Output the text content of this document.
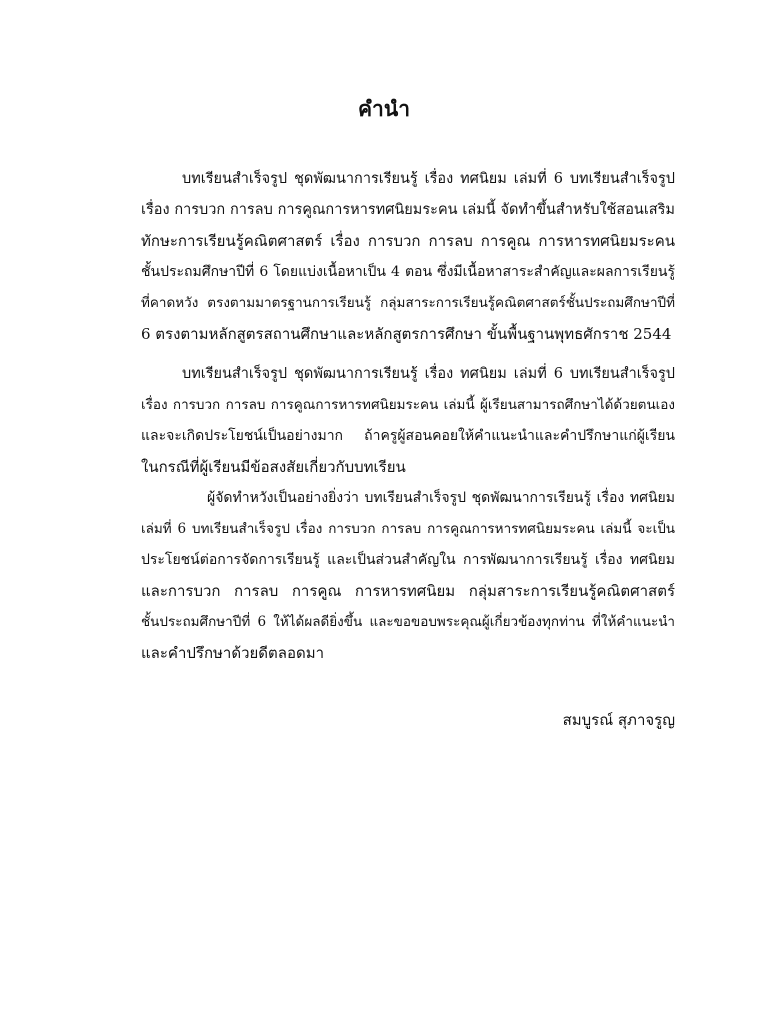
คำนำ
บทเรียนสำเร็จรูป ชุดพัฒนาการเรียนรู้ เรื่อง ทศนิยม เล่มที่ 6 บทเรียนสำเร็จรูป
เรื่อง การบวก การลบ การคูณการหารทศนิยมระคน เล่มนี้ จัดทำขึ้นสำหรับใช้สอนเสริม
ทักษะการเรียนรู้คณิตศาสตร์ เรื่อง การบวก การลบ การคูณ การหารทศนิยมระคน
ชั้นประถมศึกษาปีที่ 6 โดยแบ่งเนื้อหาเป็น 4 ตอน ซึ่งมีเนื้อหาสาระสำคัญและผลการเรียนรู้
ที่คาดหวัง ตรงตามมาตรฐานการเรียนรู้ กลุ่มสาระการเรียนรู้คณิตศาสตร์ชั้นประถมศึกษาปีที่
6 ตรงตามหลักสูตรสถานศึกษาและหลักสูตรการศึกษา ขั้นพื้นฐานพุทธศักราช 2544
บทเรียนสำเร็จรูป ชุดพัฒนาการเรียนรู้ เรื่อง ทศนิยม เล่มที่ 6 บทเรียนสำเร็จรูป
เรื่อง การบวก การลบ การคูณการหารทศนิยมระคน เล่มนี้ ผู้เรียนสามารถศึกษาได้ด้วยตนเอง
และจะเกิดประโยชน์เป็นอย่างมาก ถ้าครูผู้สอนคอยให้คำแนะนำและคำปรึกษาแก่ผู้เรียน
ในกรณีที่ผู้เรียนมีข้อสงสัยเกี่ยวกับบทเรียน
ผู้จัดทำหวังเป็นอย่างยิ่งว่า บทเรียนสำเร็จรูป ชุดพัฒนาการเรียนรู้ เรื่อง ทศนิยม
เล่มที่ 6 บทเรียนสำเร็จรูป เรื่อง การบวก การลบ การคูณการหารทศนิยมระคน เล่มนี้ จะเป็น
ประโยชน์ต่อการจัดการเรียนรู้ และเป็นส่วนสำคัญใน การพัฒนาการเรียนรู้ เรื่อง ทศนิยม
และการบวก การลบ การคูณ การหารทศนิยม กลุ่มสาระการเรียนรู้คณิตศาสตร์
ชั้นประถมศึกษาปีที่ 6 ให้ได้ผลดียิ่งขึ้น และขอขอบพระคุณผู้เกี่ยวข้องทุกท่าน ที่ให้คำแนะนำ
และคำปรึกษาด้วยดีตลอดมา
สมบูรณ์ สุภาจรูญ
